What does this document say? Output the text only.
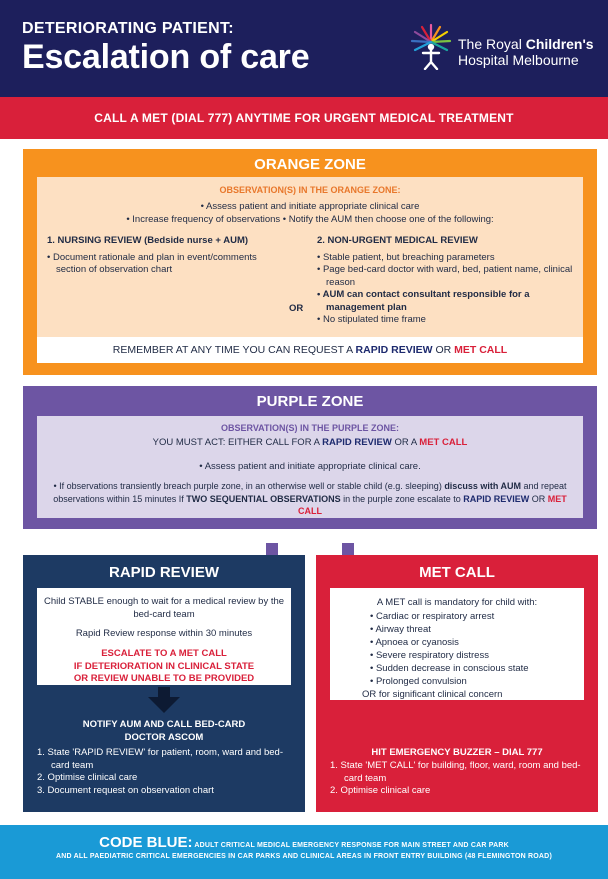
DETERIORATING PATIENT:
Escalation of care	The Royal Children's
Hospital Melbourne
CALL A MET (DIAL 777) ANYTIME FOR URGENT MEDICAL TREATMENT
ORANGE ZONE
OBSERVATION(S) IN THE ORANGE ZONE:
• Assess patient and initiate appropriate clinical care
• Increase frequency of observations • Notify the AUM then choose one of the following:
1. NURSING REVIEW (Bedside nurse + AUM)
• Document rationale and plan in event/comments section of observation chart
OR
2. NON-URGENT MEDICAL REVIEW
• Stable patient, but breaching parameters
• Page bed-card doctor with ward, bed, patient name, clinical reason
• AUM can contact consultant responsible for a management plan
• No stipulated time frame
REMEMBER AT ANY TIME YOU CAN REQUEST A RAPID REVIEW OR MET CALL
PURPLE ZONE
OBSERVATION(S) IN THE PURPLE ZONE:
YOU MUST ACT: EITHER CALL FOR A RAPID REVIEW OR A MET CALL
• Assess patient and initiate appropriate clinical care.
• If observations transiently breach purple zone, in an otherwise well or stable child (e.g. sleeping) discuss with AUM and repeat observations within 15 minutes If TWO SEQUENTIAL OBSERVATIONS in the purple zone escalate to RAPID REVIEW OR MET CALL
RAPID REVIEW
Child STABLE enough to wait for a medical review by the bed-card team
Rapid Review response within 30 minutes
ESCALATE TO A MET CALL
IF DETERIORATION IN CLINICAL STATE
OR REVIEW UNABLE TO BE PROVIDED
NOTIFY AUM AND CALL BED-CARD
DOCTOR ASCOM
1. State 'RAPID REVIEW' for patient, room, ward and bed-card team
2. Optimise clinical care
3. Document request on observation chart
MET CALL
A MET call is mandatory for child with:
• Cardiac or respiratory arrest
• Airway threat
• Apnoea or cyanosis
• Severe respiratory distress
• Sudden decrease in conscious state
• Prolonged convulsion
OR for significant clinical concern
HIT EMERGENCY BUZZER – DIAL 777
1. State 'MET CALL' for building, floor, ward, room and bed-card team
2. Optimise clinical care
CODE BLUE: ADULT CRITICAL MEDICAL EMERGENCY RESPONSE FOR MAIN STREET AND CAR PARK
AND ALL PAEDIATRIC CRITICAL EMERGENCIES IN CAR PARKS AND CLINICAL AREAS IN FRONT ENTRY BUILDING (48 FLEMINGTON ROAD)
